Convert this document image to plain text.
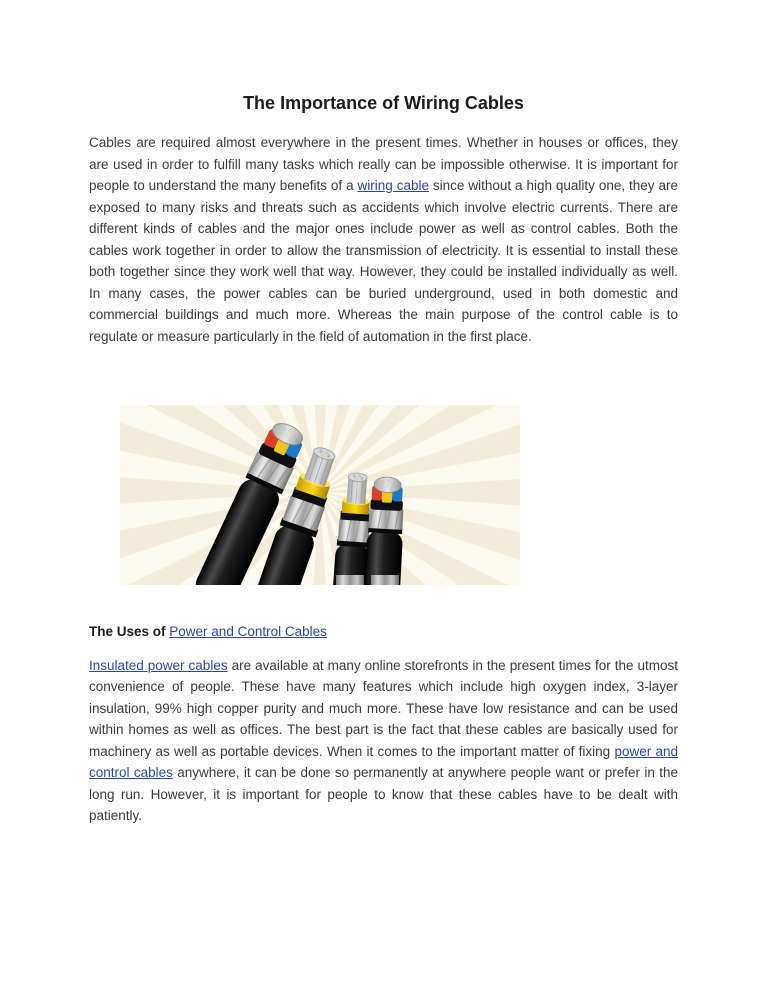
The Importance of Wiring Cables

Cables are required almost everywhere in the present times. Whether in houses or offices, they are used in order to fulfill many tasks which really can be impossible otherwise. It is important for people to understand the many benefits of a wiring cable since without a high quality one, they are exposed to many risks and threats such as accidents which involve electric currents. There are different kinds of cables and the major ones include power as well as control cables. Both the cables work together in order to allow the transmission of electricity. It is essential to install these both together since they work well that way. However, they could be installed individually as well. In many cases, the power cables can be buried underground, used in both domestic and commercial buildings and much more. Whereas the main purpose of the control cable is to regulate or measure particularly in the field of automation in the first place.

The Uses of Power and Control Cables

Insulated power cables are available at many online storefronts in the present times for the utmost convenience of people. These have many features which include high oxygen index, 3-layer insulation, 99% high copper purity and much more. These have low resistance and can be used within homes as well as offices. The best part is the fact that these cables are basically used for machinery as well as portable devices. When it comes to the important matter of fixing power and control cables anywhere, it can be done so permanently at anywhere people want or prefer in the long run. However, it is important for people to know that these cables have to be dealt with patiently.
